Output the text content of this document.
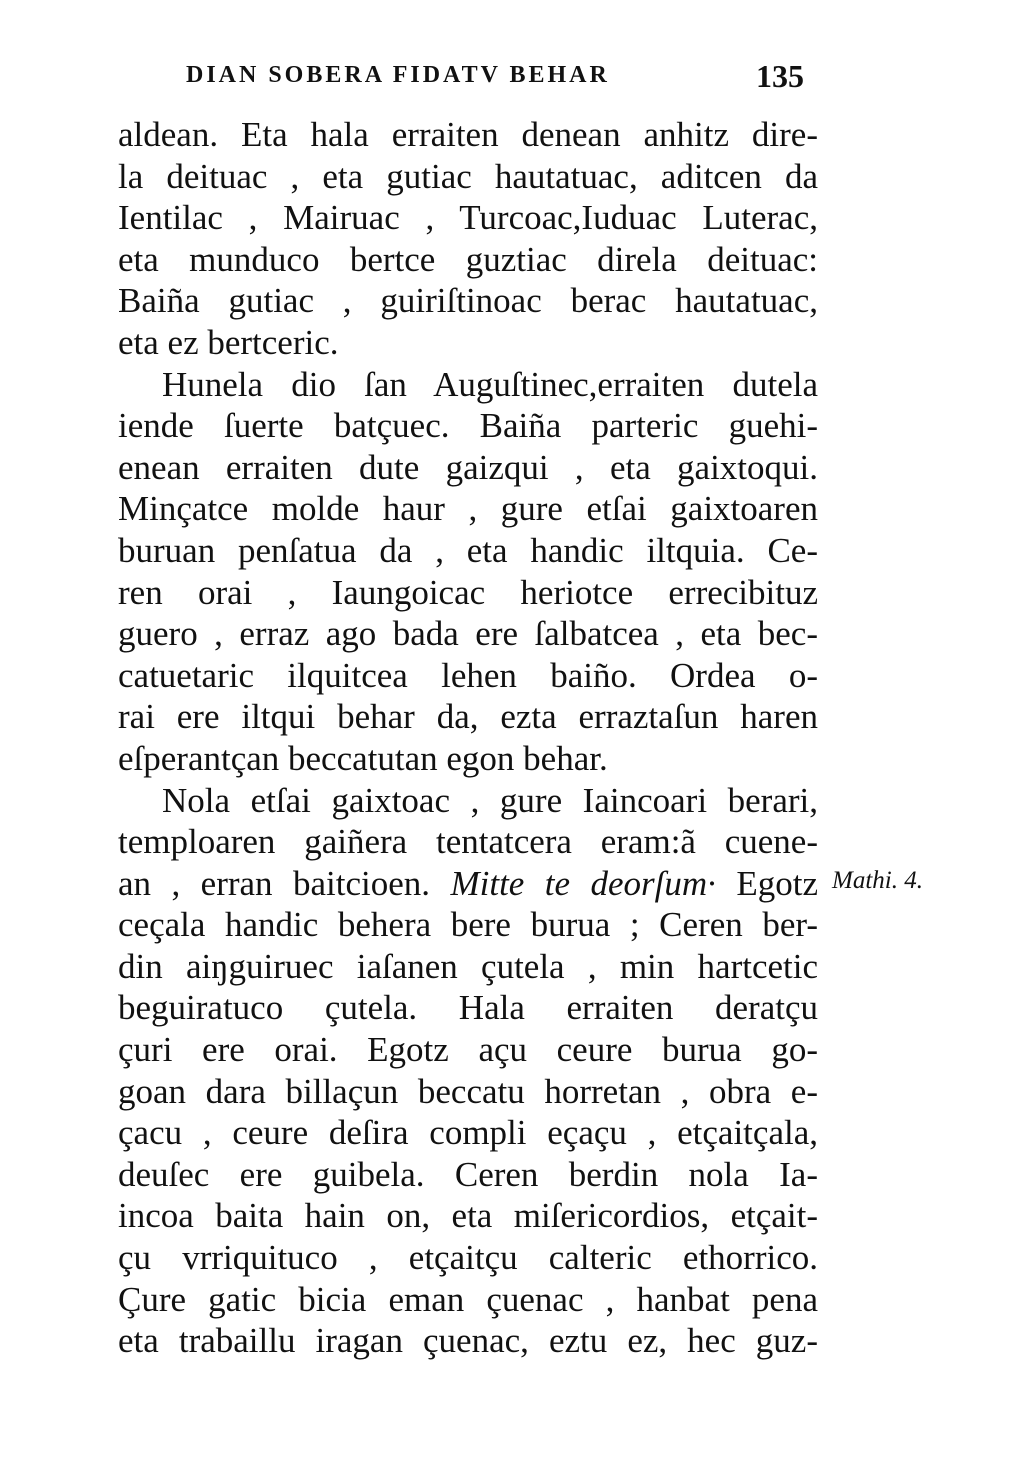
DIAN SOBERA FIDATV BEHAR	135
aldean. Eta hala erraiten denean anhitz dire-
la deituac , eta gutiac hautatuac, aditcen da
Ientilac , Mairuac , Turcoac,Iuduac Luterac,
eta munduco bertce guztiac direla deituac:
Baiña gutiac , guiriſtinoac berac hautatuac,
eta ez bertceric.
Hunela dio ſan Auguſtinec,erraiten dutela
iende ſuerte batçuec. Baiña parteric guehi-
enean erraiten dute gaizqui , eta gaixtoqui.
Minçatce molde haur , gure etſai gaixtoaren
buruan penſatua da , eta handic iltquia. Ce-
ren orai , Iaungoicac heriotce errecibituz
guero , erraz ago bada ere ſalbatcea , eta bec-
catuetaric ilquitcea lehen baiño. Ordea o-
rai ere iltqui behar da, ezta erraztaſun haren
eſperantçan beccatutan egon behar.
Nola etſai gaixtoac , gure Iaincoari berari,
temploaren gaiñera tentatcera eram:ã cuene-
an , erran baitcioen. Mitte te deorſum· Egotz
ceçala handic behera bere burua ; Ceren ber-
din aiŋguiruec iaſanen çutela , min hartcetic
beguiratuco çutela. Hala erraiten deratçu
çuri ere orai. Egotz açu ceure burua go-
goan dara billaçun beccatu horretan , obra e-
çacu , ceure deſira compli eçaçu , etçaitçala,
deuſec ere guibela. Ceren berdin nola Ia-
incoa baita hain on, eta miſericordios, etçait-
çu vrriquituco , etçaitçu calteric ethorrico.
Çure gatic bicia eman çuenac , hanbat pena
eta trabaillu iragan çuenac, eztu ez, hec guz-
Mathi. 4.
